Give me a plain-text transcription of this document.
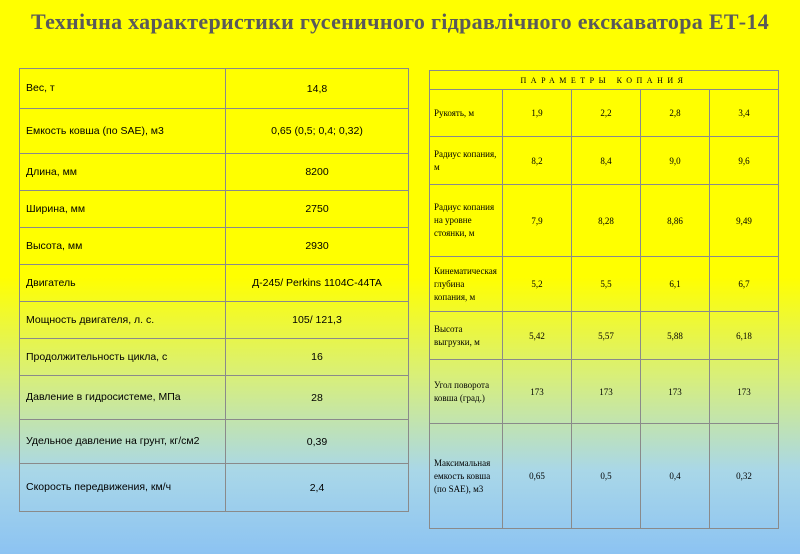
Технічна характеристики гусеничного гідравлічного екскаватора ЕТ-14
Вес, т	14,8
Емкость ковша (по SAE), м3	0,65 (0,5; 0,4; 0,32)
Длина, мм	8200
Ширина, мм	2750
Высота, мм	2930
Двигатель	Д-245/ Perkins 1104C-44TA
Мощность двигателя, л. с.	105/ 121,3
Продолжительность цикла, с	16
Давление в гидросистеме, МПа	28
Удельное давление на грунт, кг/см2	0,39
Скорость передвижения, км/ч	2,4
ПАРАМЕТРЫ КОПАНИЯ				
Рукоять, м	1,9	2,2	2,8	3,4
Радиус копания, м	8,2	8,4	9,0	9,6
Радиус копания на уровне стоянки, м	7,9	8,28	8,86	9,49
Кинематическая глубина копания, м	5,2	5,5	6,1	6,7
Высота выгрузки, м	5,42	5,57	5,88	6,18
Угол поворота ковша (град.)	173	173	173	173
Максимальная емкость ковша (по SAE), м3	0,65	0,5	0,4	0,32
